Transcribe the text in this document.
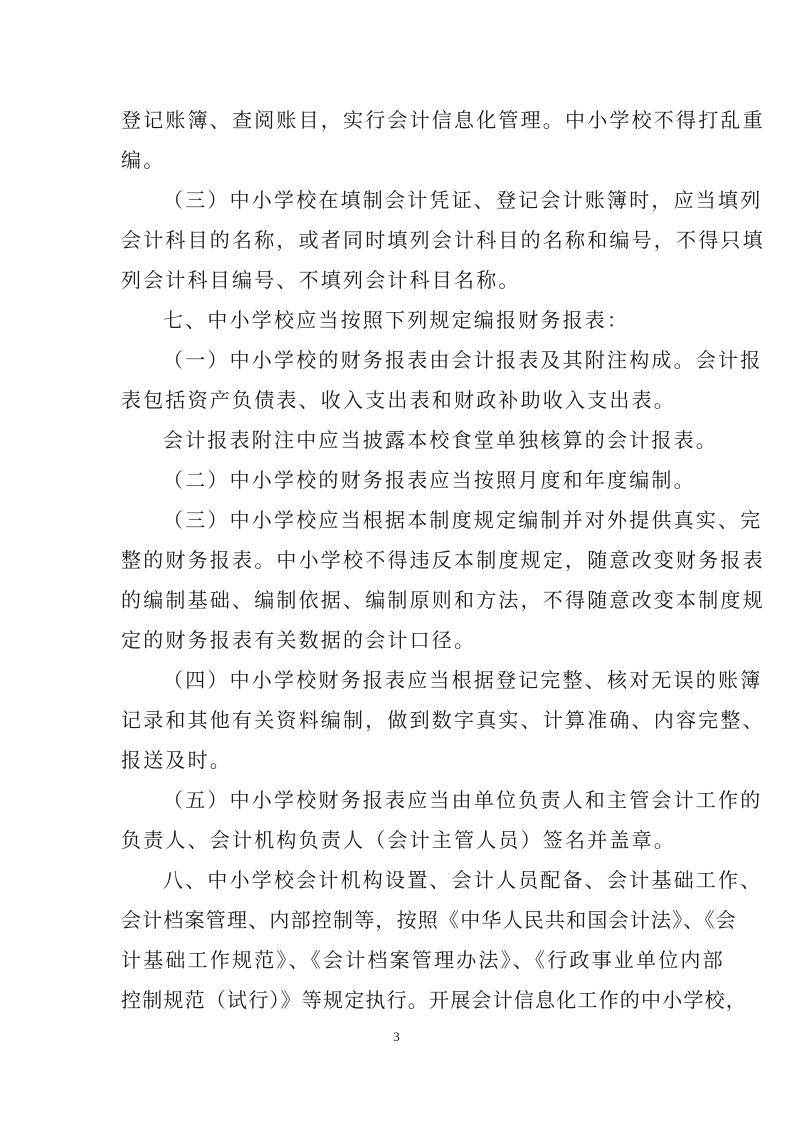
登记账簿、查阅账目，实行会计信息化管理。中小学校不得打乱重
编。
（三）中小学校在填制会计凭证、登记会计账簿时，应当填列
会计科目的名称，或者同时填列会计科目的名称和编号，不得只填
列会计科目编号、不填列会计科目名称。
七、中小学校应当按照下列规定编报财务报表：
（一）中小学校的财务报表由会计报表及其附注构成。会计报
表包括资产负债表、收入支出表和财政补助收入支出表。
会计报表附注中应当披露本校食堂单独核算的会计报表。
（二）中小学校的财务报表应当按照月度和年度编制。
（三）中小学校应当根据本制度规定编制并对外提供真实、完
整的财务报表。中小学校不得违反本制度规定，随意改变财务报表
的编制基础、编制依据、编制原则和方法，不得随意改变本制度规
定的财务报表有关数据的会计口径。
（四）中小学校财务报表应当根据登记完整、核对无误的账簿
记录和其他有关资料编制，做到数字真实、计算准确、内容完整、
报送及时。
（五）中小学校财务报表应当由单位负责人和主管会计工作的
负责人、会计机构负责人（会计主管人员）签名并盖章。
八、中小学校会计机构设置、会计人员配备、会计基础工作、
会计档案管理、内部控制等，按照《中华人民共和国会计法》、《会
计基础工作规范》、《会计档案管理办法》、《行政事业单位内部
控制规范（试行）》等规定执行。开展会计信息化工作的中小学校，
3
